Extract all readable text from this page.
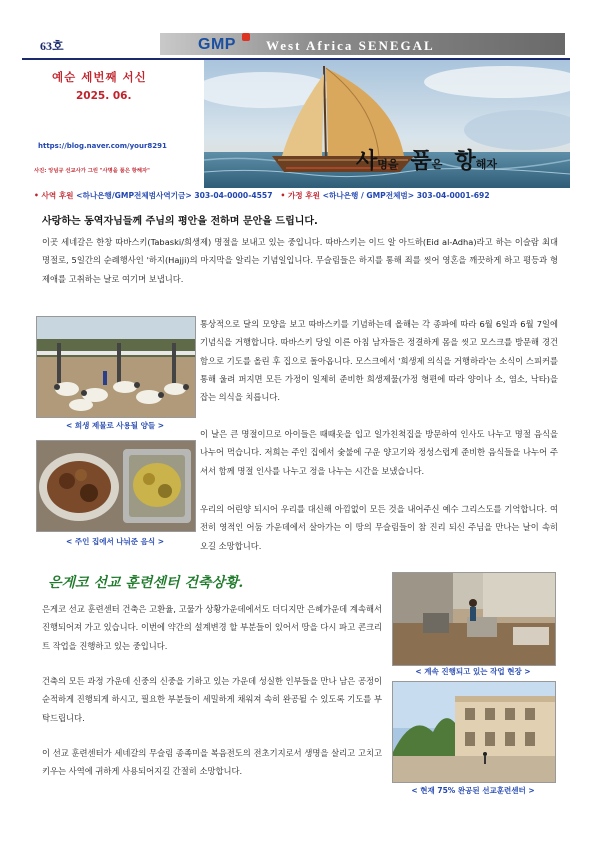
63호	GMP West Africa SENEGAL
예순 세번째 서신
2025. 06.
https://blog.naver.com/your8291
사진: 앙넘규 선교사가 그린 "사명을 품은 항해자"	사명을 품은 항해자
• 사역 후원 <하나은행/GMP전체범사역기금> 303-04-0000-4557 • 가정 후원 <하나은행 / GMP전체범> 303-04-0001-692
사랑하는 동역자님들께 주님의 평안을 전하며 문안을 드립니다.
이곳 세네갈은 한창 따바스키(Tabaski/희생제) 명절을 보내고 있는 중입니다. 따바스키는 이드 알 아드하(Eid al-Adha)라고 하는 이슬람 최대 명절로, 5일간의 순례행사인 '하지(Hajji)의 마지막을 알리는 기념일입니다. 무슬림들은 하지를 통해 죄를 씻어 영혼을 깨끗하게 하고 평등과 형제애를 고취하는 날로 여기며 보냅니다.
< 희생 제물로 사용될 양들 >
< 주인 집에서 나눠준 음식 >
통상적으로 달의 모양을 보고 따바스키를 기념하는데 올해는 각 종파에 따라 6월 6일과 6월 7일에 기념식을 거행합니다. 따바스키 당일 이른 아침 남자들은 정결하게 몸을 씻고 모스크를 방문해 경건함으로 기도를 올린 후 집으로 돌아옵니다. 모스크에서 '희생제 의식을 거행하라'는 소식이 스피커를 통해 울려 퍼지면 모든 가정이 일제히 준비한 희생제물(가정 형편에 따라 양이나 소, 염소, 낙타)을 잡는 의식을 치릅니다.
이 날은 큰 명절이므로 아이들은 때때옷을 입고 일가친척집을 방문하여 인사도 나누고 명절 음식을 나누어 먹습니다. 저희는 주인 집에서 숯불에 구운 양고기와 정성스럽게 준비한 음식들을 나누어 주셔서 함께 명절 인사를 나누고 정을 나누는 시간을 보냈습니다.
우리의 어린양 되시어 우리를 대신해 아낌없이 모든 것을 내어주신 예수 그리스도를 기억합니다. 여전히 영적인 어둠 가운데에서 살아가는 이 땅의 무슬림들이 참 진리 되신 주님을 만나는 날이 속히 오길 소망합니다.
은게코 선교 훈련센터 건축상황.
은게코 선교 훈련센터 건축은 고환율, 고물가 상황가운데에서도 더디지만 은혜가운데 계속해서 진행되어져 가고 있습니다. 이번에 약간의 설계변경 할 부분들이 있어서 땅을 다시 파고 콘크리트 작업을 진행하고 있는 중입니다.
건축의 모든 과정 가운데 신중의 신중을 기하고 있는 가운데 성실한 인부들을 만나 남은 공정이 순적하게 진행되게 하시고, 필요한 부분들이 세밀하게 채워져 속히 완공될 수 있도록 기도를 부탁드립니다.
이 선교 훈련센터가 세네갈의 무슬림 종족미을 복음전도의 전초기지로서 생명을 살리고 고치고 키우는 사역에 귀하게 사용되어지길 간절히 소망합니다.
< 계속 진행되고 있는 작업 현장 >
< 현재 75% 완공된 선교훈련센터 >
